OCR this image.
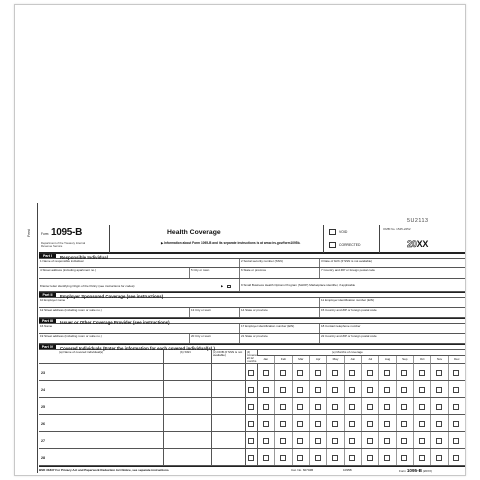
Feed
5U2113
Form 1095-B
Department of the Treasury Internal Revenue Service
Health Coverage
▶ Information about Form 1095-B and its separate instructions is at www.irs.gov/form1095b.
VOID
CORRECTED
OMB No. 1545-2252
20XX
Part I	Responsible Individual
1 Name of responsible individual	2 Social security number (SSN)	3 Date of birth (If SSN is not available)
4 Street address (including apartment no.)	5 City or town	6 State or province	7 Country and ZIP or foreign postal code
8 Enter letter identifying Origin of the Policy (see instructions for codes):	▶	9 Small Business Health Options Program (SHOP) Marketplace identifier, if applicable
Part II	Employer Sponsored Coverage (see instructions)
10 Employer name	11 Employer identification number (EIN)
12 Street address (including room or suite no.)	13 City or town	14 State or province	15 Country and ZIP or foreign postal code
Part III	Issuer or Other Coverage Provider (see instructions)
16 Name	17 Employer identification number (EIN)	18 Contact telephone number
19 Street address (including room or suite no.)	20 City or town	21 State or province	22 Country and ZIP or foreign postal code
Part IV	Covered Individuals (Enter the information for each covered individual(s).)
(a) Name of covered individual(s)	(b) SSN	(c) DOB (if SSN is not available)
(d) Covered all 12 months
(e) Months of coverage
Jan	Feb	Mar	Apr	May	Jun	Jul	Aug	Sep	Oct	Nov	Dec
23
24
25
26
27
28
BSD 31837 For Privacy Act and Paperwork Reduction Act Notice, see separate instructions.	Cat. No. 60704B	1095B	Form 1095-B (20XX)
